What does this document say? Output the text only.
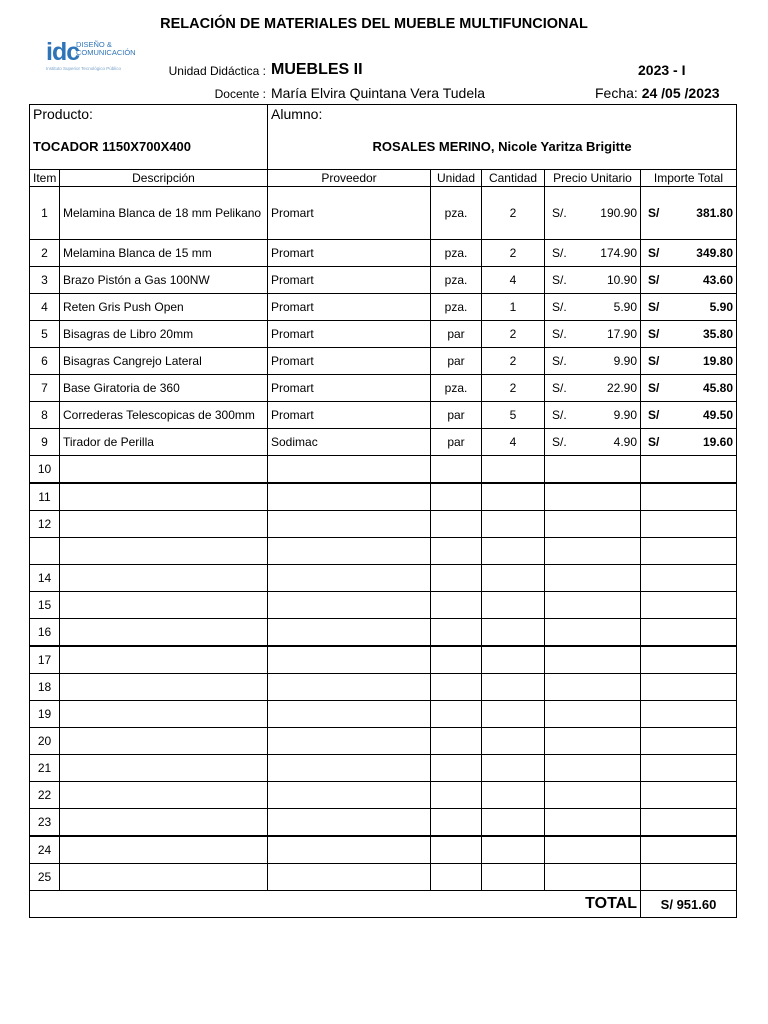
RELACIÓN DE MATERIALES DEL MUEBLE MULTIFUNCIONAL
idc
DISEÑO &
COMUNICACIÓN
Instituto Superior Tecnológico Público	Unidad Didáctica : MUEBLES II	2023 - I
Docente : María Elvira Quintana Vera Tudela	Fecha: 24 /05 /2023
Producto:		Alumno:				
TOCADOR 1150X700X400		ROSALES MERINO, Nicole Yaritza Brigitte				
Item	Descripción	Proveedor	Unidad	Cantidad	Precio Unitario	Importe Total
1	Melamina Blanca de 18 mm Pelikano	Promart	pza.	2	S/. 190.90	S/ 381.80

2	Melamina Blanca de 15 mm	Promart	pza.	2	S/. 174.90	S/ 349.80

3	Brazo Pistón a Gas 100NW	Promart	pza.	4	S/. 10.90	S/ 43.60

4	Reten Gris Push Open	Promart	pza.	1	S/. 5.90	S/ 5.90

5	Bisagras de Libro 20mm	Promart	par	2	S/. 17.90	S/ 35.80

6	Bisagras Cangrejo Lateral	Promart	par	2	S/. 9.90	S/ 19.80

7	Base Giratoria de 360	Promart	pza.	2	S/. 22.90	S/ 45.80

8	Correderas Telescopicas de 300mm	Promart	par	5	S/. 9.90	S/ 49.50

9	Tirador de Perilla	Sodimac	par	4	S/. 4.90	S/ 19.60

10						
11						
12						

14						
15						
16						
17						
18						
19						
20						
21						
22						
23						
24						
25						
TOTAL						S/ 951.60
